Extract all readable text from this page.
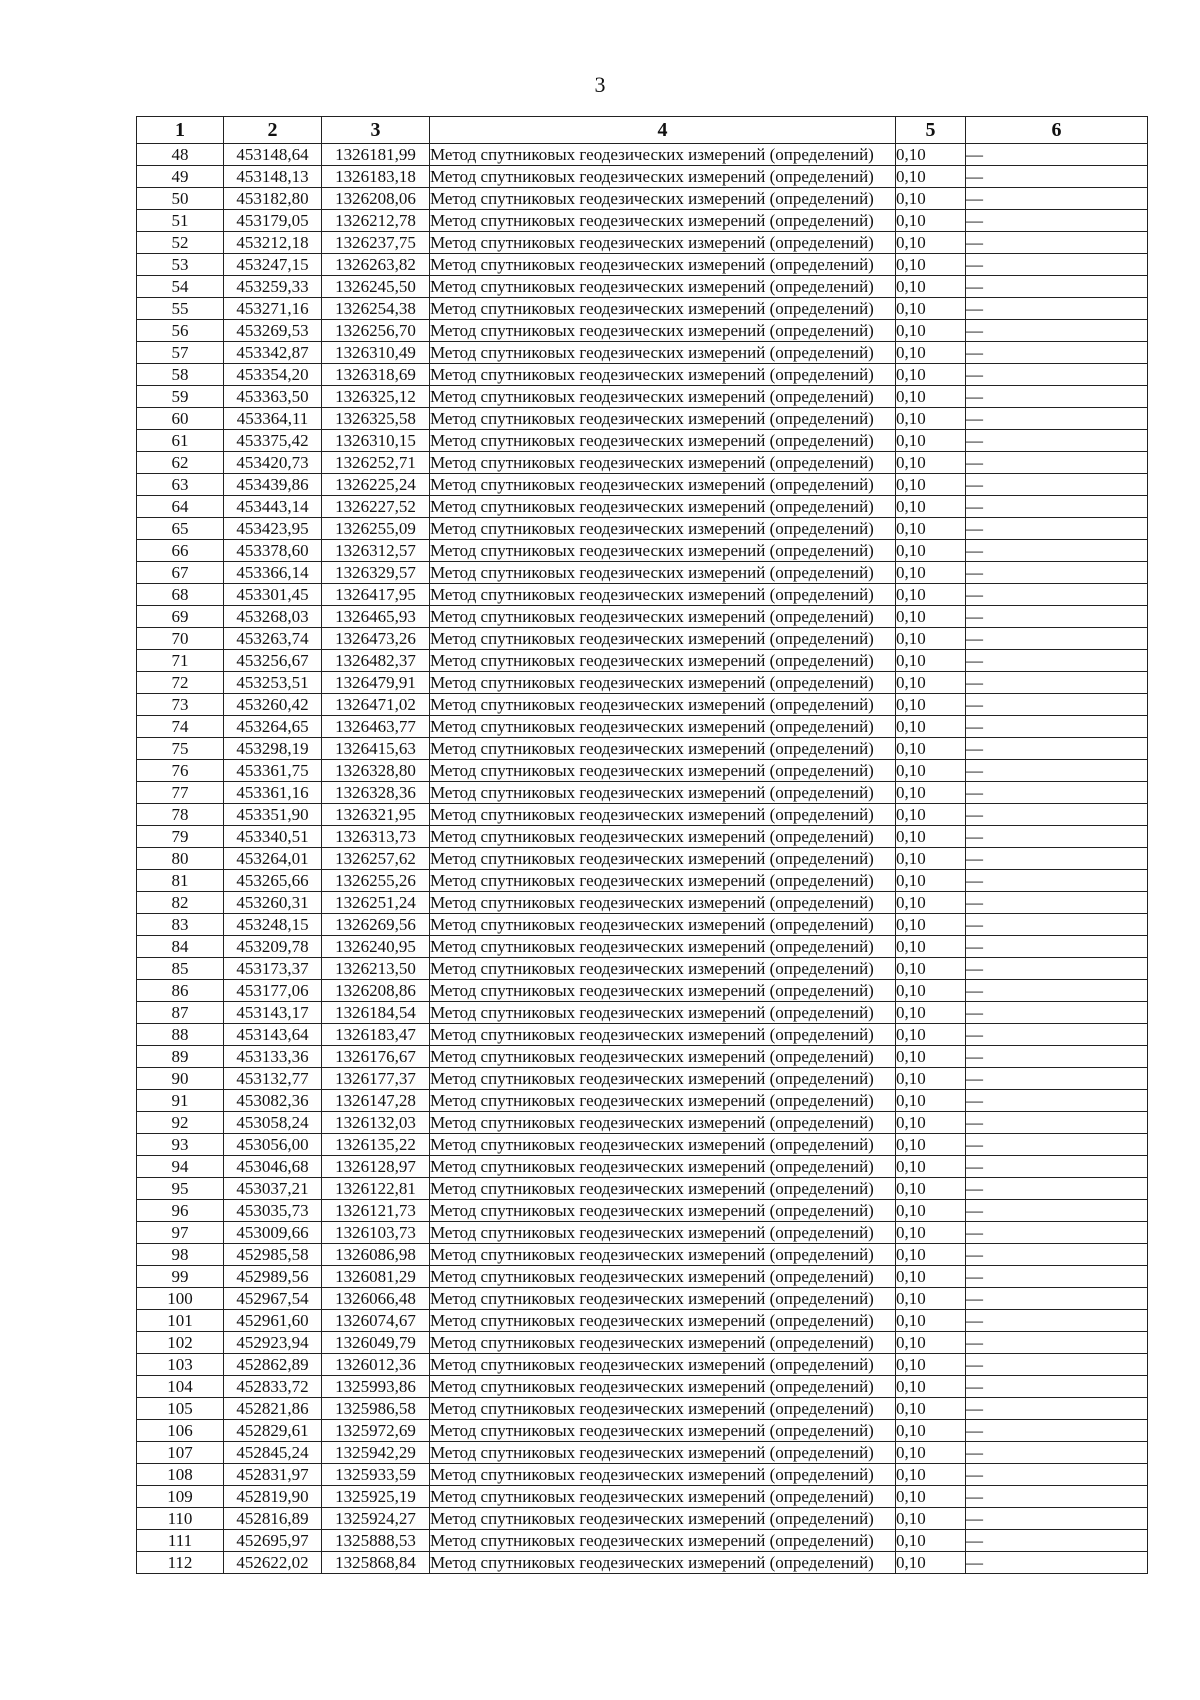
3
1	2	3	4	5	6
48	453148,64	1326181,99	Метод спутниковых геодезических измерений (определений)	0,10	—
49	453148,13	1326183,18	Метод спутниковых геодезических измерений (определений)	0,10	—
50	453182,80	1326208,06	Метод спутниковых геодезических измерений (определений)	0,10	—
51	453179,05	1326212,78	Метод спутниковых геодезических измерений (определений)	0,10	—
52	453212,18	1326237,75	Метод спутниковых геодезических измерений (определений)	0,10	—
53	453247,15	1326263,82	Метод спутниковых геодезических измерений (определений)	0,10	—
54	453259,33	1326245,50	Метод спутниковых геодезических измерений (определений)	0,10	—
55	453271,16	1326254,38	Метод спутниковых геодезических измерений (определений)	0,10	—
56	453269,53	1326256,70	Метод спутниковых геодезических измерений (определений)	0,10	—
57	453342,87	1326310,49	Метод спутниковых геодезических измерений (определений)	0,10	—
58	453354,20	1326318,69	Метод спутниковых геодезических измерений (определений)	0,10	—
59	453363,50	1326325,12	Метод спутниковых геодезических измерений (определений)	0,10	—
60	453364,11	1326325,58	Метод спутниковых геодезических измерений (определений)	0,10	—
61	453375,42	1326310,15	Метод спутниковых геодезических измерений (определений)	0,10	—
62	453420,73	1326252,71	Метод спутниковых геодезических измерений (определений)	0,10	—
63	453439,86	1326225,24	Метод спутниковых геодезических измерений (определений)	0,10	—
64	453443,14	1326227,52	Метод спутниковых геодезических измерений (определений)	0,10	—
65	453423,95	1326255,09	Метод спутниковых геодезических измерений (определений)	0,10	—
66	453378,60	1326312,57	Метод спутниковых геодезических измерений (определений)	0,10	—
67	453366,14	1326329,57	Метод спутниковых геодезических измерений (определений)	0,10	—
68	453301,45	1326417,95	Метод спутниковых геодезических измерений (определений)	0,10	—
69	453268,03	1326465,93	Метод спутниковых геодезических измерений (определений)	0,10	—
70	453263,74	1326473,26	Метод спутниковых геодезических измерений (определений)	0,10	—
71	453256,67	1326482,37	Метод спутниковых геодезических измерений (определений)	0,10	—
72	453253,51	1326479,91	Метод спутниковых геодезических измерений (определений)	0,10	—
73	453260,42	1326471,02	Метод спутниковых геодезических измерений (определений)	0,10	—
74	453264,65	1326463,77	Метод спутниковых геодезических измерений (определений)	0,10	—
75	453298,19	1326415,63	Метод спутниковых геодезических измерений (определений)	0,10	—
76	453361,75	1326328,80	Метод спутниковых геодезических измерений (определений)	0,10	—
77	453361,16	1326328,36	Метод спутниковых геодезических измерений (определений)	0,10	—
78	453351,90	1326321,95	Метод спутниковых геодезических измерений (определений)	0,10	—
79	453340,51	1326313,73	Метод спутниковых геодезических измерений (определений)	0,10	—
80	453264,01	1326257,62	Метод спутниковых геодезических измерений (определений)	0,10	—
81	453265,66	1326255,26	Метод спутниковых геодезических измерений (определений)	0,10	—
82	453260,31	1326251,24	Метод спутниковых геодезических измерений (определений)	0,10	—
83	453248,15	1326269,56	Метод спутниковых геодезических измерений (определений)	0,10	—
84	453209,78	1326240,95	Метод спутниковых геодезических измерений (определений)	0,10	—
85	453173,37	1326213,50	Метод спутниковых геодезических измерений (определений)	0,10	—
86	453177,06	1326208,86	Метод спутниковых геодезических измерений (определений)	0,10	—
87	453143,17	1326184,54	Метод спутниковых геодезических измерений (определений)	0,10	—
88	453143,64	1326183,47	Метод спутниковых геодезических измерений (определений)	0,10	—
89	453133,36	1326176,67	Метод спутниковых геодезических измерений (определений)	0,10	—
90	453132,77	1326177,37	Метод спутниковых геодезических измерений (определений)	0,10	—
91	453082,36	1326147,28	Метод спутниковых геодезических измерений (определений)	0,10	—
92	453058,24	1326132,03	Метод спутниковых геодезических измерений (определений)	0,10	—
93	453056,00	1326135,22	Метод спутниковых геодезических измерений (определений)	0,10	—
94	453046,68	1326128,97	Метод спутниковых геодезических измерений (определений)	0,10	—
95	453037,21	1326122,81	Метод спутниковых геодезических измерений (определений)	0,10	—
96	453035,73	1326121,73	Метод спутниковых геодезических измерений (определений)	0,10	—
97	453009,66	1326103,73	Метод спутниковых геодезических измерений (определений)	0,10	—
98	452985,58	1326086,98	Метод спутниковых геодезических измерений (определений)	0,10	—
99	452989,56	1326081,29	Метод спутниковых геодезических измерений (определений)	0,10	—
100	452967,54	1326066,48	Метод спутниковых геодезических измерений (определений)	0,10	—
101	452961,60	1326074,67	Метод спутниковых геодезических измерений (определений)	0,10	—
102	452923,94	1326049,79	Метод спутниковых геодезических измерений (определений)	0,10	—
103	452862,89	1326012,36	Метод спутниковых геодезических измерений (определений)	0,10	—
104	452833,72	1325993,86	Метод спутниковых геодезических измерений (определений)	0,10	—
105	452821,86	1325986,58	Метод спутниковых геодезических измерений (определений)	0,10	—
106	452829,61	1325972,69	Метод спутниковых геодезических измерений (определений)	0,10	—
107	452845,24	1325942,29	Метод спутниковых геодезических измерений (определений)	0,10	—
108	452831,97	1325933,59	Метод спутниковых геодезических измерений (определений)	0,10	—
109	452819,90	1325925,19	Метод спутниковых геодезических измерений (определений)	0,10	—
110	452816,89	1325924,27	Метод спутниковых геодезических измерений (определений)	0,10	—
111	452695,97	1325888,53	Метод спутниковых геодезических измерений (определений)	0,10	—
112	452622,02	1325868,84	Метод спутниковых геодезических измерений (определений)	0,10	—
